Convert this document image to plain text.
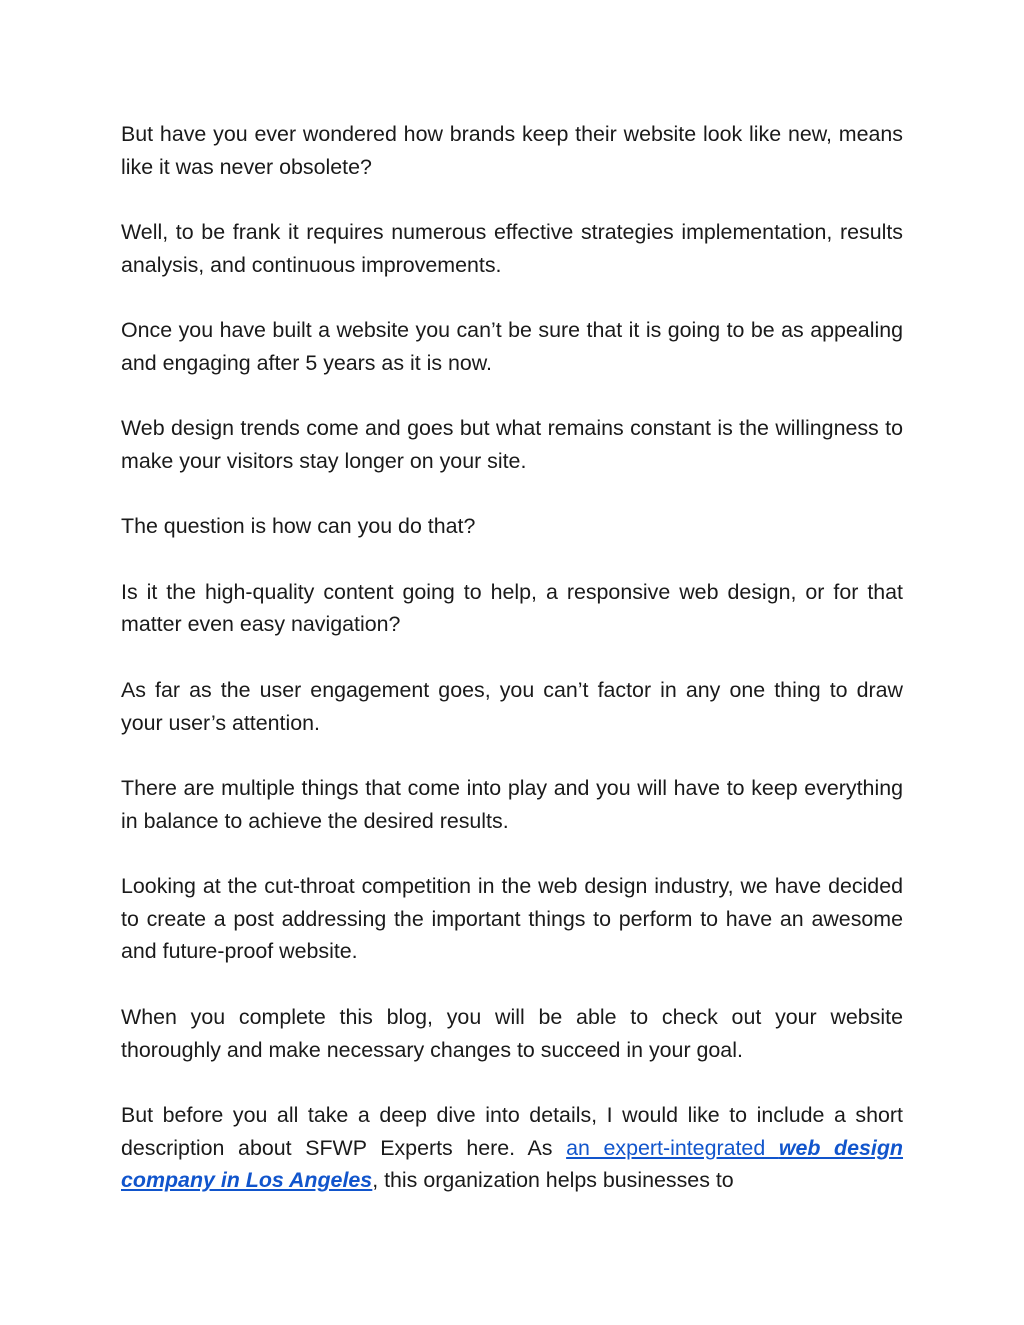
But have you ever wondered how brands keep their website look like new, means like it was never obsolete?

Well, to be frank it requires numerous effective strategies implementation, results analysis, and continuous improvements.

Once you have built a website you can’t be sure that it is going to be as appealing and engaging after 5 years as it is now.

Web design trends come and goes but what remains constant is the willingness to make your visitors stay longer on your site.

The question is how can you do that?

Is it the high-quality content going to help, a responsive web design, or for that matter even easy navigation?

As far as the user engagement goes, you can’t factor in any one thing to draw your user’s attention.

There are multiple things that come into play and you will have to keep everything in balance to achieve the desired results.

Looking at the cut-throat competition in the web design industry, we have decided to create a post addressing the important things to perform to have an awesome and future-proof website.

When you complete this blog, you will be able to check out your website thoroughly and make necessary changes to succeed in your goal.

But before you all take a deep dive into details, I would like to include a short description about SFWP Experts here. As an expert-integrated web design company in Los Angeles, this organization helps businesses to
